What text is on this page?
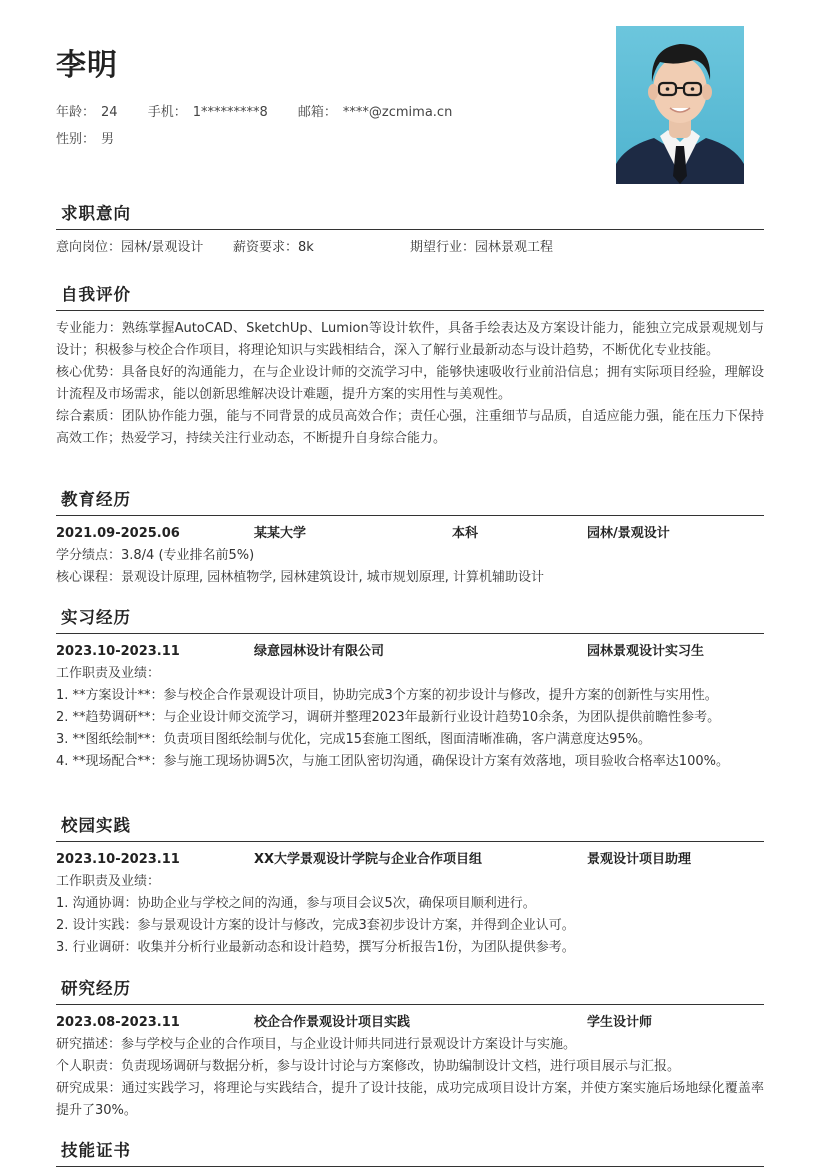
李明
年龄： 24 手机： 1*********8 邮箱： ****@zcmima.cn
性别： 男
求职意向
意向岗位：园林/景观设计 薪资要求：8k	期望行业：园林景观工程
自我评价
专业能力：熟练掌握AutoCAD、SketchUp、Lumion等设计软件，具备手绘表达及方案设计能力，能独立完成景观规划与设计；积极参与校企合作项目，将理论知识与实践相结合，深入了解行业最新动态与设计趋势，不断优化专业技能。
核心优势：具备良好的沟通能力，在与企业设计师的交流学习中，能够快速吸收行业前沿信息；拥有实际项目经验，理解设计流程及市场需求，能以创新思维解决设计难题，提升方案的实用性与美观性。
综合素质：团队协作能力强，能与不同背景的成员高效合作；责任心强，注重细节与品质，自适应能力强，能在压力下保持高效工作；热爱学习，持续关注行业动态，不断提升自身综合能力。
教育经历
2021.09-2025.06	某某大学	本科	园林/景观设计
学分绩点：3.8/4 (专业排名前5%)
核心课程：景观设计原理, 园林植物学, 园林建筑设计, 城市规划原理, 计算机辅助设计
实习经历
2023.10-2023.11	绿意园林设计有限公司	园林景观设计实习生
工作职责及业绩：
1. **方案设计**：参与校企合作景观设计项目，协助完成3个方案的初步设计与修改，提升方案的创新性与实用性。
2. **趋势调研**：与企业设计师交流学习，调研并整理2023年最新行业设计趋势10余条，为团队提供前瞻性参考。
3. **图纸绘制**：负责项目图纸绘制与优化，完成15套施工图纸，图面清晰准确，客户满意度达95%。
4. **现场配合**：参与施工现场协调5次，与施工团队密切沟通，确保设计方案有效落地，项目验收合格率达100%。
校园实践
2023.10-2023.11	XX大学景观设计学院与企业合作项目组	景观设计项目助理
工作职责及业绩：
1. 沟通协调：协助企业与学校之间的沟通，参与项目会议5次，确保项目顺利进行。
2. 设计实践：参与景观设计方案的设计与修改，完成3套初步设计方案，并得到企业认可。
3. 行业调研：收集并分析行业最新动态和设计趋势，撰写分析报告1份，为团队提供参考。
研究经历
2023.08-2023.11	校企合作景观设计项目实践	学生设计师
研究描述：参与学校与企业的合作项目，与企业设计师共同进行景观设计方案设计与实施。
个人职责：负责现场调研与数据分析，参与设计讨论与方案修改，协助编制设计文档，进行项目展示与汇报。
研究成果：通过实践学习，将理论与实践结合，提升了设计技能，成功完成项目设计方案，并使方案实施后场地绿化覆盖率提升了30%。
技能证书
